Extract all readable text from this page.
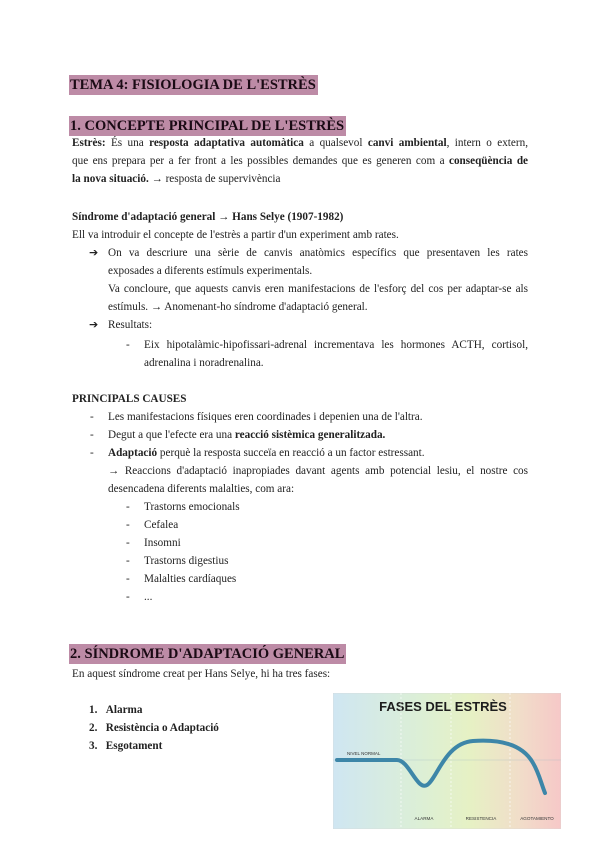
TEMA 4: FISIOLOGIA DE L'ESTRÈS
1. CONCEPTE PRINCIPAL DE L'ESTRÈS
Estrès: És una resposta adaptativa automàtica a qualsevol canvi ambiental, intern o extern,
que ens prepara per a fer front a les possibles demandes que es generen com a conseqüència de
la nova situació. → resposta de supervivència
Síndrome d'adaptació general → Hans Selye (1907-1982)
Ell va introduir el concepte de l'estrès a partir d'un experiment amb rates.
➔ On va descriure una sèrie de canvis anatòmics específics que presentaven les rates
exposades a diferents estímuls experimentals.
Va concloure, que aquests canvis eren manifestacions de l'esforç del cos per adaptar-se als
estímuls. → Anomenant-ho síndrome d'adaptació general.
➔ Resultats:
- Eix hipotalàmic-hipofissari-adrenal incrementava les hormones ACTH, cortisol,
adrenalina i noradrenalina.
PRINCIPALS CAUSES
- Les manifestacions físiques eren coordinades i depenien una de l'altra.
- Degut a que l'efecte era una reacció sistèmica generalitzada.
- Adaptació perquè la resposta succeïa en reacció a un factor estressant.
→ Reaccions d'adaptació inapropiades davant agents amb potencial lesiu, el nostre cos
desencadena diferents malalties, com ara:
- Trastorns emocionals
- Cefalea
- Insomni
- Trastorns digestius
- Malalties cardíaques
- ...
2. SÍNDROME D'ADAPTACIÓ GENERAL
En aquest síndrome creat per Hans Selye, hi ha tres fases:
1. Alarma
2. Resistència o Adaptació
3. Esgotament
FASES DEL ESTRÈS
NIVEL NORMAL
DE RESISTENCIA
ALARMA	RESISTENCIA	AGOTAMIENTO
